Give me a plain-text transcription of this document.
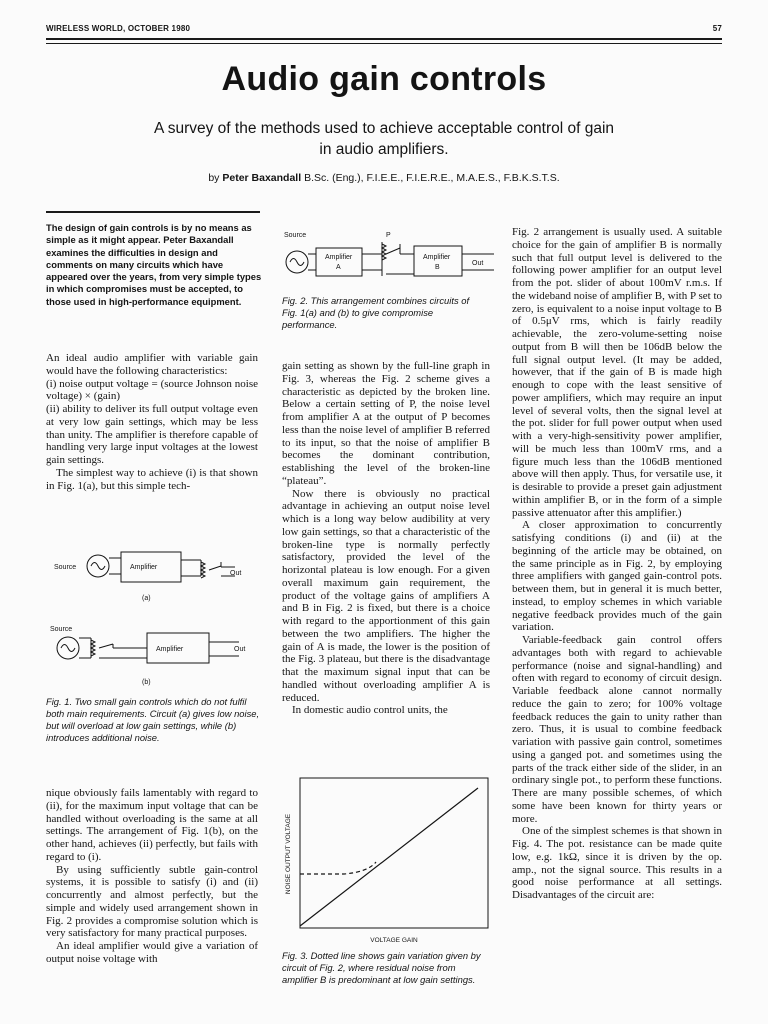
WIRELESS WORLD, OCTOBER 1980	57
Audio gain controls
A survey of the methods used to achieve acceptable control of gain in audio amplifiers.
by Peter Baxandall B.Sc. (Eng.), F.I.E.E., F.I.E.R.E., M.A.E.S., F.B.K.S.T.S.
The design of gain controls is by no means as simple as it might appear. Peter Baxandall examines the difficulties in design and comments on many circuits which have appeared over the years, from very simple types in which compromises must be accepted, to those used in high-performance equipment.

An ideal audio amplifier with variable gain would have the following characteristics:

(i) noise output voltage = (source Johnson noise voltage) × (gain)

(ii) ability to deliver its full output voltage even at very low gain settings, which may be less than unity. The amplifier is therefore capable of handling very large input voltages at the lowest gain settings.

The simplest way to achieve (i) is that shown in Fig. 1(a), but this simple tech-

Source	Amplifier
Out
(a)
Source
Amplifier	Out
(b)
Fig. 1. Two small gain controls which do not fulfil both main requirements. Circuit (a) gives low noise, but will overload at low gain settings, while (b) introduces additional noise.

nique obviously fails lamentably with regard to (ii), for the maximum input voltage that can be handled without overloading is the same at all settings. The arrangement of Fig. 1(b), on the other hand, achieves (ii) perfectly, but fails with regard to (i).

By using sufficiently subtle gain-control systems, it is possible to satisfy (i) and (ii) concurrently and almost perfectly, but the simple and widely used arrangement shown in Fig. 2 provides a compromise solution which is very satisfactory for many practical purposes.

An ideal amplifier would give a variation of output noise voltage with

Source	P
Amplifier
A
Amplifier
B
Out
Fig. 2. This arrangement combines circuits of Fig. 1(a) and (b) to give compromise performance.

gain setting as shown by the full-line graph in Fig. 3, whereas the Fig. 2 scheme gives a characteristic as depicted by the broken line. Below a certain setting of P, the noise level from amplifier A at the output of P becomes less than the noise level of amplifier B referred to its input, so that the noise of amplifier B becomes the dominant contribution, establishing the level of the broken-line “plateau”.

Now there is obviously no practical advantage in achieving an output noise level which is a long way below audibility at very low gain settings, so that a characteristic of the broken-line type is normally perfectly satisfactory, provided the level of the horizontal plateau is low enough. For a given overall maximum gain requirement, the product of the voltage gains of amplifiers A and B in Fig. 2 is fixed, but there is a choice with regard to the apportionment of this gain between the two amplifiers. The higher the gain of A is made, the lower is the position of the Fig. 3 plateau, but there is the disadvantage that the maximum signal input that can be handled without overloading amplifier A is reduced.

In domestic audio control units, the

NOISE OUTPUT VOLTAGE
VOLTAGE GAIN
Fig. 3. Dotted line shows gain variation given by circuit of Fig. 2, where residual noise from amplifier B is predominant at low gain settings.

Fig. 2 arrangement is usually used. A suitable choice for the gain of amplifier B is normally such that full output level is delivered to the following power amplifier for an output level from the pot. slider of about 100mV r.m.s. If the wideband noise of amplifier B, with P set to zero, is equivalent to a noise input voltage to B of 0.5μV rms, which is fairly readily achievable, the zero-volume-setting noise output from B will then be 106dB below the full signal output level. (It may be added, however, that if the gain of B is made high enough to cope with the least sensitive of power amplifiers, which may require an input level of several volts, then the signal level at the pot. slider for full power output when used with a very-high-sensitivity power amplifier, will be much less than 100mV rms, and a figure much less than the 106dB mentioned above will then apply. Thus, for versatile use, it is desirable to provide a preset gain adjustment within amplifier B, or in the form of a simple passive attenuator after this amplifier.)

A closer approximation to concurrently satisfying conditions (i) and (ii) at the beginning of the article may be obtained, on the same principle as in Fig. 2, by employing three amplifiers with ganged gain-control pots. between them, but in general it is much better, instead, to employ schemes in which variable negative feedback provides much of the gain variation.

Variable-feedback gain control offers advantages both with regard to achievable performance (noise and signal-handling) and often with regard to economy of circuit design. Variable feedback alone cannot normally reduce the gain to zero; for 100% voltage feedback reduces the gain to unity rather than zero. Thus, it is usual to combine feedback variation with passive gain control, sometimes using a ganged pot. and sometimes using the parts of the track either side of the slider, in an ordinary single pot., to perform these functions. There are many possible schemes, of which some have been known for thirty years or more.

One of the simplest schemes is that shown in Fig. 4. The pot. resistance can be made quite low, e.g. 1kΩ, since it is driven by the op. amp., not the signal source. This results in a good noise performance at all settings. Disadvantages of the circuit are:
